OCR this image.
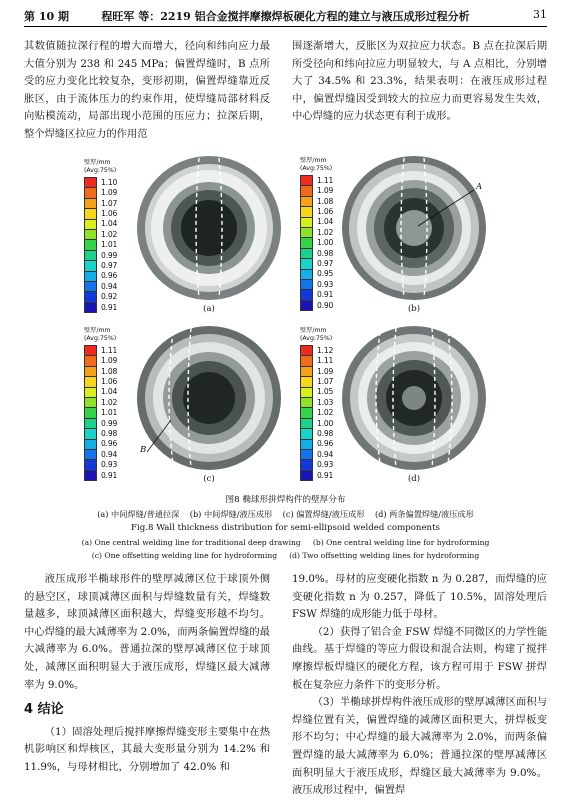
第 10 期	程旺军 等：2219 铝合金搅拌摩擦焊板硬化方程的建立与液压成形过程分析	31

其数值随拉深行程的增大而增大，径向和纬向应力最大值分别为 238 和 245 MPa；偏置焊缝时，B 点所受的应力变化比较复杂，变形初期，偏置焊缝靠近反胀区，由于流体压力的约束作用，使焊缝局部材料反向贴模流动，局部出现小范围的压应力；拉深后期，整个焊缝区拉应力的作用范

围逐渐增大，反胀区为双拉应力状态。B 点在拉深后期所受径向和纬向拉应力明显较大，与 A 点相比，分别增大了 34.5% 和 23.3%，结果表明：在液压成形过程中，偏置焊缝因受到较大的拉应力而更容易发生失效，中心焊缝的应力状态更有利于成形。

壁厚/mm
(Avg:75%)
1.10
1.09
1.07
1.06
1.04
1.02
1.01
0.99
0.97
0.96
0.94
0.92
0.91	(a)
壁厚/mm
(Avg:75%)
1.11
1.09
1.08
1.06
1.04
1.02
1.00
0.98
0.97
0.95
0.93
0.91
0.90
A
(b)
壁厚/mm
(Avg:75%)
1.11
1.09
1.08
1.06
1.04
1.02
1.01
0.99
0.98
0.96
0.94
0.93
0.91
B
(c)
壁厚/mm
(Avg:75%)
1.12
1.11
1.09
1.07
1.05
1.03
1.02
1.00
0.98
0.96
0.94
0.93
0.91	(d)
图8 椭球形拼焊构件的壁厚分布
(a) 中间焊缝/普通拉深 (b) 中间焊缝/液压成形 (c) 偏置焊缝/液压成形 (d) 两条偏置焊缝/液压成形
Fig.8 Wall thickness distribution for semi-ellipsoid welded components
(a) One central welding line for traditional deep drawing (b) One central welding line for hydroforming
(c) One offsetting welding line for hydroforming (d) Two offsetting welding lines for hydroforming

液压成形半椭球形件的壁厚减薄区位于球顶外侧的悬空区，球顶减薄区面积与焊缝数量有关，焊缝数量越多，球顶减薄区面积越大，焊缝变形越不均匀。中心焊缝的最大减薄率为 2.0%，而两条偏置焊缝的最大减薄率为 6.0%。普通拉深的壁厚减薄区位于球顶处，减薄区面积明显大于液压成形，焊缝区最大减薄率为 9.0%。

4 结论

（1）固溶处理后搅拌摩擦焊缝变形主要集中在热机影响区和焊核区，其最大变形量分别为 14.2% 和 11.9%，与母材相比，分别增加了 42.0% 和

19.0%。母材的应变硬化指数 n 为 0.287，而焊缝的应变硬化指数 n 为 0.257，降低了 10.5%，固溶处理后 FSW 焊缝的成形能力低于母材。

（2）获得了铝合金 FSW 焊缝不同微区的力学性能曲线。基于焊缝的等应力假设和混合法则，构建了搅拌摩擦焊板焊缝区的硬化方程，该方程可用于 FSW 拼焊板在复杂应力条件下的变形分析。

（3）半椭球拼焊构件液压成形的壁厚减薄区面积与焊缝位置有关，偏置焊缝的减薄区面积更大，拼焊板变形不均匀；中心焊缝的最大减薄率为 2.0%，而两条偏置焊缝的最大减薄率为 6.0%；普通拉深的壁厚减薄区面积明显大于液压成形，焊缝区最大减薄率为 9.0%。液压成形过程中，偏置焊
